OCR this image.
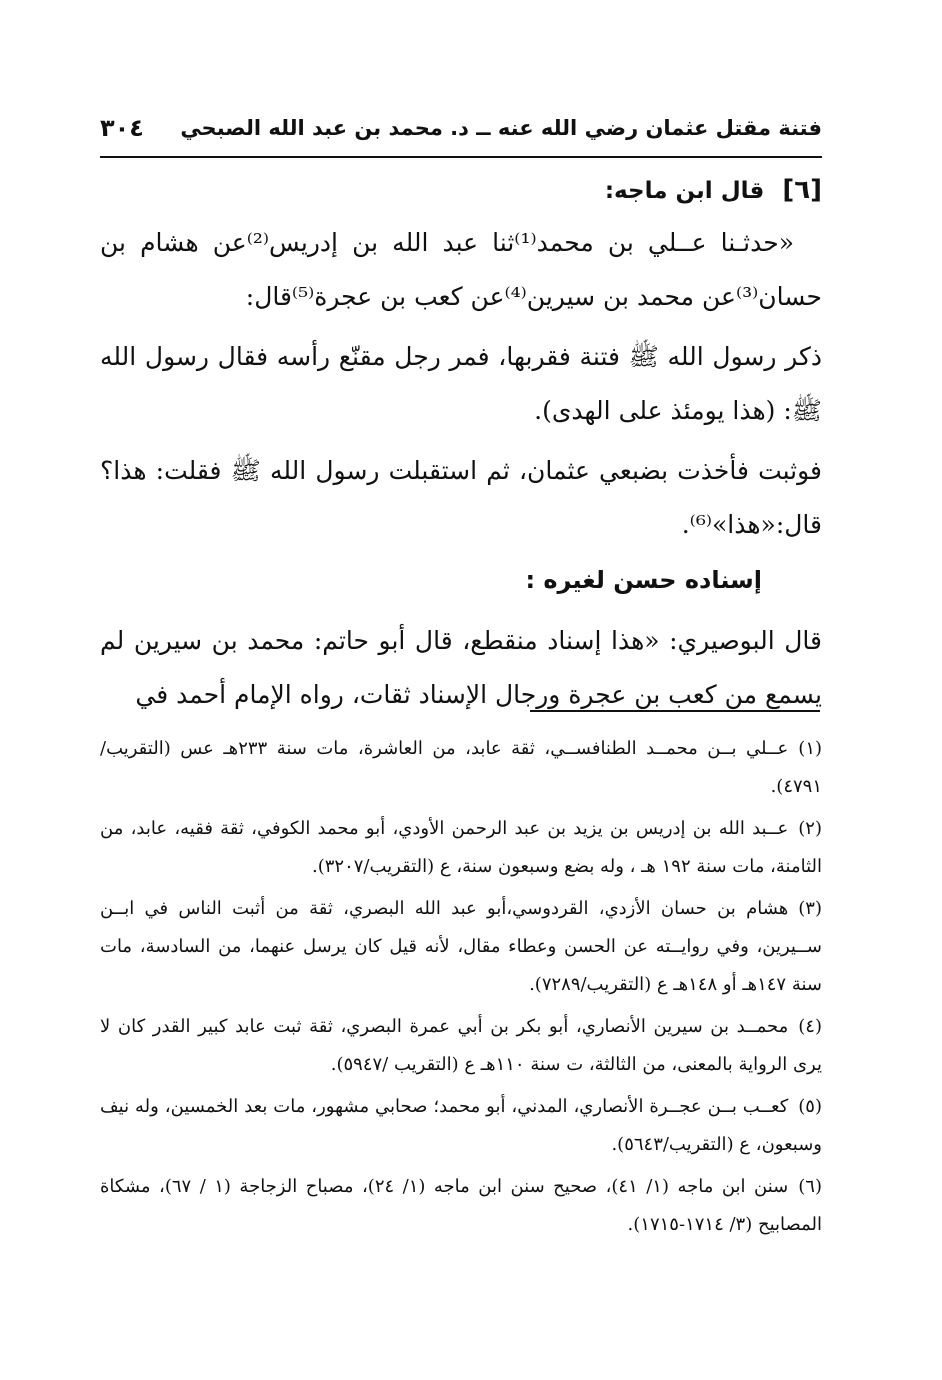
فتنة مقتل عثمان رضي الله عنه ــ د. محمد بن عبد الله الصبحي
٣٠٤
[٦]قال ابن ماجه:

«حدثـنا عــلي بن محمد⁽¹⁾ثنا عبد الله بن إدريس⁽²⁾عن هشام بن حسان⁽³⁾عن محمد بن سيرين⁽⁴⁾عن كعب بن عجرة⁽⁵⁾قال:

ذكر رسول الله ﷺ فتنة فقربها، فمر رجل مقنّع رأسه فقال رسول الله ﷺ: (هذا يومئذ على الهدى).

فوثبت فأخذت بضبعي عثمان، ثم استقبلت رسول الله ﷺ فقلت: هذا؟ قال:«هذا»⁽⁶⁾.

إسناده حسن لغيره :

قال البوصيري: «هذا إسناد منقطع، قال أبو حاتم: محمد بن سيرين لم يسمع من كعب بن عجرة ورجال الإسناد ثقات، رواه الإمام أحمد في

(١)عــلي بــن محمــد الطنافســي، ثقة عابد، من العاشرة، مات سنة ٢٣٣هـ عس (التقريب/٤٧٩١).

(٢)عــبد الله بن إدريس بن يزيد بن عبد الرحمن الأودي، أبو محمد الكوفي، ثقة فقيه، عابد، من الثامنة، مات سنة ١٩٢ هـ ، وله بضع وسبعون سنة، ع (التقريب/٣٢٠٧).

(٣)هشام بن حسان الأزدي، القردوسي،أبو عبد الله البصري، ثقة من أثبت الناس في ابــن ســيرين، وفي روايــته عن الحسن وعطاء مقال، لأنه قيل كان يرسل عنهما، من السادسة، مات سنة ١٤٧هـ أو ١٤٨هـ ع (التقريب/٧٢٨٩).

(٤)محمــد بن سيرين الأنصاري، أبو بكر بن أبي عمرة البصري، ثقة ثبت عابد كبير القدر كان لا يرى الرواية بالمعنى، من الثالثة، ت سنة ١١٠هـ ع (التقريب /٥٩٤٧).

(٥)كعــب بــن عجــرة الأنصاري، المدني، أبو محمد؛ صحابي مشهور، مات بعد الخمسين، وله نيف وسبعون، ع (التقريب/٥٦٤٣).

(٦)سنن ابن ماجه (١/ ٤١)، صحيح سنن ابن ماجه (١/ ٢٤)، مصباح الزجاجة (١ / ٦٧)، مشكاة المصابيح (٣/ ١٧١٤-١٧١٥).
